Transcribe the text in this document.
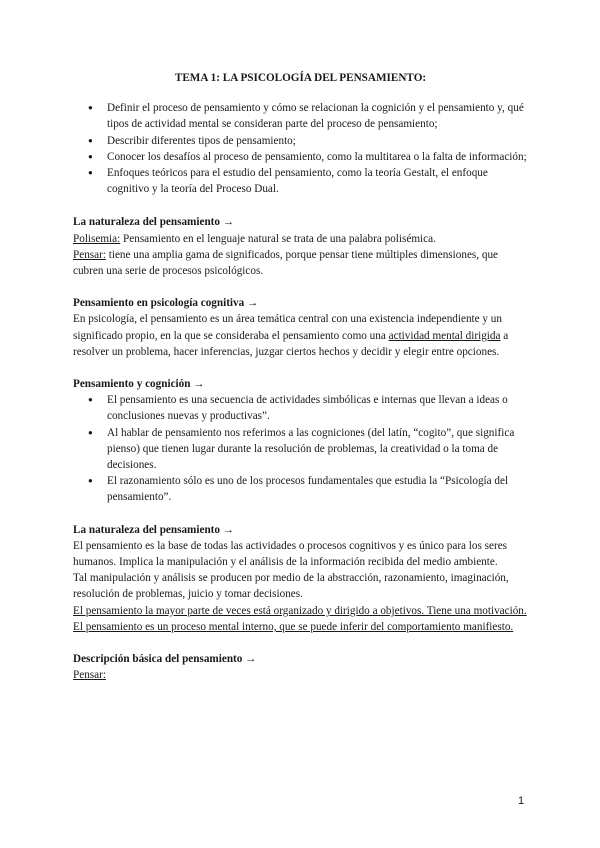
TEMA 1: LA PSICOLOGÍA DEL PENSAMIENTO:
● Definir el proceso de pensamiento y cómo se relacionan la cognición y el pensamiento y, qué tipos de actividad mental se consideran parte del proceso de pensamiento;
● Describir diferentes tipos de pensamiento;
● Conocer los desafíos al proceso de pensamiento, como la multitarea o la falta de información;
● Enfoques teóricos para el estudio del pensamiento, como la teoría Gestalt, el enfoque cognitivo y la teoría del Proceso Dual.

La naturaleza del pensamiento →

Polisemia: Pensamiento en el lenguaje natural se trata de una palabra polisémica.

Pensar: tiene una amplia gama de significados, porque pensar tiene múltiples dimensiones, que cubren una serie de procesos psicológicos.

Pensamiento en psicología cognitiva →

En psicología, el pensamiento es un área temática central con una existencia independiente y un significado propio, en la que se consideraba el pensamiento como una actividad mental dirigida a resolver un problema, hacer inferencias, juzgar ciertos hechos y decidir y elegir entre opciones.

Pensamiento y cognición →

● El pensamiento es una secuencia de actividades simbólicas e internas que llevan a ideas o conclusiones nuevas y productivas”.
● Al hablar de pensamiento nos referimos a las cogniciones (del latín, “cogito”, que significa pienso) que tienen lugar durante la resolución de problemas, la creatividad o la toma de decisiones.
● El razonamiento sólo es uno de los procesos fundamentales que estudia la “Psicología del pensamiento”.

La naturaleza del pensamiento →

El pensamiento es la base de todas las actividades o procesos cognitivos y es único para los seres humanos. Implica la manipulación y el análisis de la información recibida del medio ambiente.

Tal manipulación y análisis se producen por medio de la abstracción, razonamiento, imaginación, resolución de problemas, juicio y tomar decisiones.

El pensamiento la mayor parte de veces está organizado y dirigido a objetivos. Tiene una motivación.

El pensamiento es un proceso mental interno, que se puede inferir del comportamiento manifiesto.

Descripción básica del pensamiento →

Pensar:

1
